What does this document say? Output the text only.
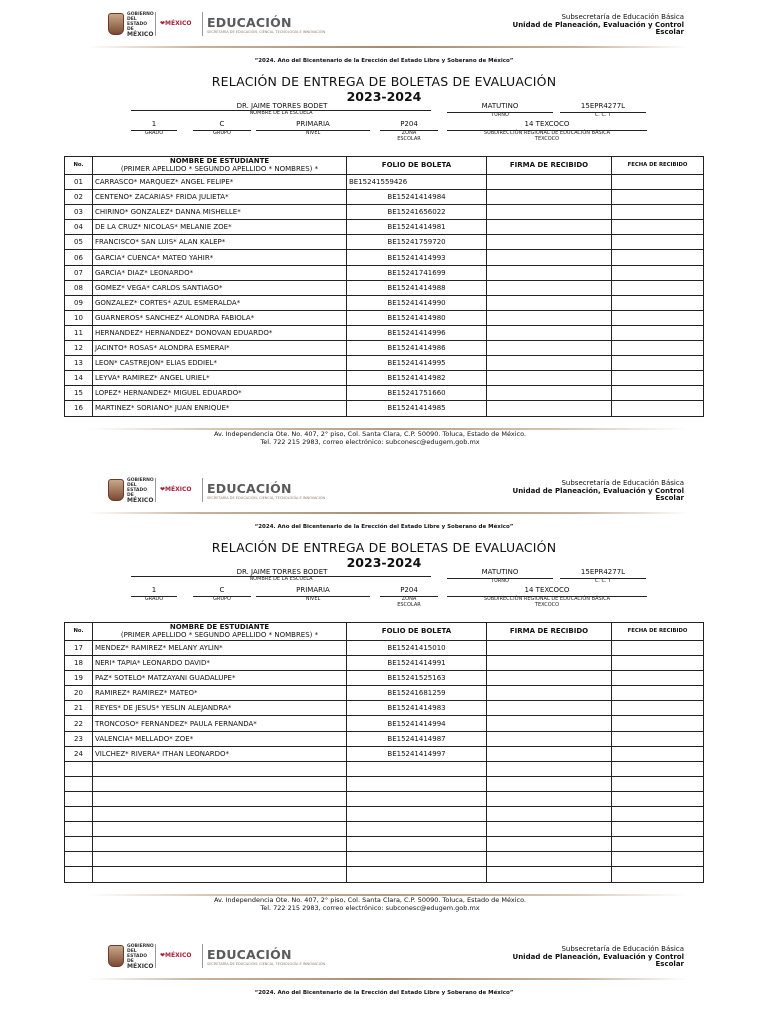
GOBIERNO DEL
ESTADO DE
MÉXICO
❤MÉXICO	EDUCACIÓN
SECRETARÍA DE EDUCACIÓN, CIENCIA, TECNOLOGÍA E INNOVACIÓN
Subsecretaría de Educación Básica
Unidad de Planeación, Evaluación y Control
Escolar
“2024. Año del Bicentenario de la Erección del Estado Libre y Soberano de México”
RELACIÓN DE ENTREGA DE BOLETAS DE EVALUACIÓN
2023-2024
DR. JAIME TORRES BODET
NOMBRE DE LA ESCUELA
MATUTINO
TURNO
15EPR4277L
C. C. T
1
GRADO
C
GRUPO
PRIMARIA
NIVEL
P204
ZONA
ESCOLAR
14 TEXCOCO
SUBDIRECCIÓN REGIONAL DE EDUCACIÓN BÁSICA
TEXCOCO
No.	NOMBRE DE ESTUDIANTE
(PRIMER APELLIDO * SEGUNDO APELLIDO * NOMBRES) *	FOLIO DE BOLETA	FIRMA DE RECIBIDO	FECHA DE RECIBIDO
01	CARRASCO* MARQUEZ* ANGEL FELIPE*	BE15241559426		
02	CENTENO* ZACARIAS* FRIDA JULIETA*	BE15241414984		
03	CHIRINO* GONZALEZ* DANNA MISHELLE*	BE15241656022		
04	DE LA CRUZ* NICOLAS* MELANIE ZOE*	BE15241414981		
05	FRANCISCO* SAN LUIS* ALAN KALEP*	BE15241759720		
06	GARCIA* CUENCA* MATEO YAHIR*	BE15241414993		
07	GARCIA* DIAZ* LEONARDO*	BE15241741699		
08	GOMEZ* VEGA* CARLOS SANTIAGO*	BE15241414988		
09	GONZALEZ* CORTES* AZUL ESMERALDA*	BE15241414990		
10	GUARNEROS* SANCHEZ* ALONDRA FABIOLA*	BE15241414980		
11	HERNANDEZ* HERNANDEZ* DONOVAN EDUARDO*	BE15241414996		
12	JACINTO* ROSAS* ALONDRA ESMERAI*	BE15241414986		
13	LEON* CASTREJON* ELIAS EDDIEL*	BE15241414995		
14	LEYVA* RAMIREZ* ANGEL URIEL*	BE15241414982		
15	LOPEZ* HERNANDEZ* MIGUEL EDUARDO*	BE15241751660		
16	MARTINEZ* SORIANO* JUAN ENRIQUE*	BE15241414985		
Av. Independencia Ote. No. 407, 2° piso, Col. Santa Clara, C.P. 50090. Toluca, Estado de México.
Tel. 722 215 2983, correo electrónico: subconesc@edugem.gob.mx
GOBIERNO DEL
ESTADO DE
MÉXICO
❤MÉXICO	EDUCACIÓN
SECRETARÍA DE EDUCACIÓN, CIENCIA, TECNOLOGÍA E INNOVACIÓN
Subsecretaría de Educación Básica
Unidad de Planeación, Evaluación y Control
Escolar
“2024. Año del Bicentenario de la Erección del Estado Libre y Soberano de México”
RELACIÓN DE ENTREGA DE BOLETAS DE EVALUACIÓN
2023-2024
DR. JAIME TORRES BODET
NOMBRE DE LA ESCUELA
MATUTINO
TURNO
15EPR4277L
C. C. T
1
GRADO
C
GRUPO
PRIMARIA
NIVEL
P204
ZONA
ESCOLAR
14 TEXCOCO
SUBDIRECCIÓN REGIONAL DE EDUCACIÓN BÁSICA
TEXCOCO
No.	NOMBRE DE ESTUDIANTE
(PRIMER APELLIDO * SEGUNDO APELLIDO * NOMBRES) *	FOLIO DE BOLETA	FIRMA DE RECIBIDO	FECHA DE RECIBIDO
17	MENDEZ* RAMIREZ* MELANY AYLIN*	BE15241415010		
18	NERI* TAPIA* LEONARDO DAVID*	BE15241414991		
19	PAZ* SOTELO* MATZAYANI GUADALUPE*	BE15241525163		
20	RAMIREZ* RAMIREZ* MATEO*	BE15241681259		
21	REYES* DE JESUS* YESLIN ALEJANDRA*	BE15241414983		
22	TRONCOSO* FERNANDEZ* PAULA FERNANDA*	BE15241414994		
23	VALENCIA* MELLADO* ZOE*	BE15241414987		
24	VILCHEZ* RIVERA* ITHAN LEONARDO*	BE15241414997		

Av. Independencia Ote. No. 407, 2° piso, Col. Santa Clara, C.P. 50090. Toluca, Estado de México.
Tel. 722 215 2983, correo electrónico: subconesc@edugem.gob.mx
GOBIERNO DEL
ESTADO DE
MÉXICO
❤MÉXICO	EDUCACIÓN
SECRETARÍA DE EDUCACIÓN, CIENCIA, TECNOLOGÍA E INNOVACIÓN
Subsecretaría de Educación Básica
Unidad de Planeación, Evaluación y Control
Escolar
“2024. Año del Bicentenario de la Erección del Estado Libre y Soberano de México”
